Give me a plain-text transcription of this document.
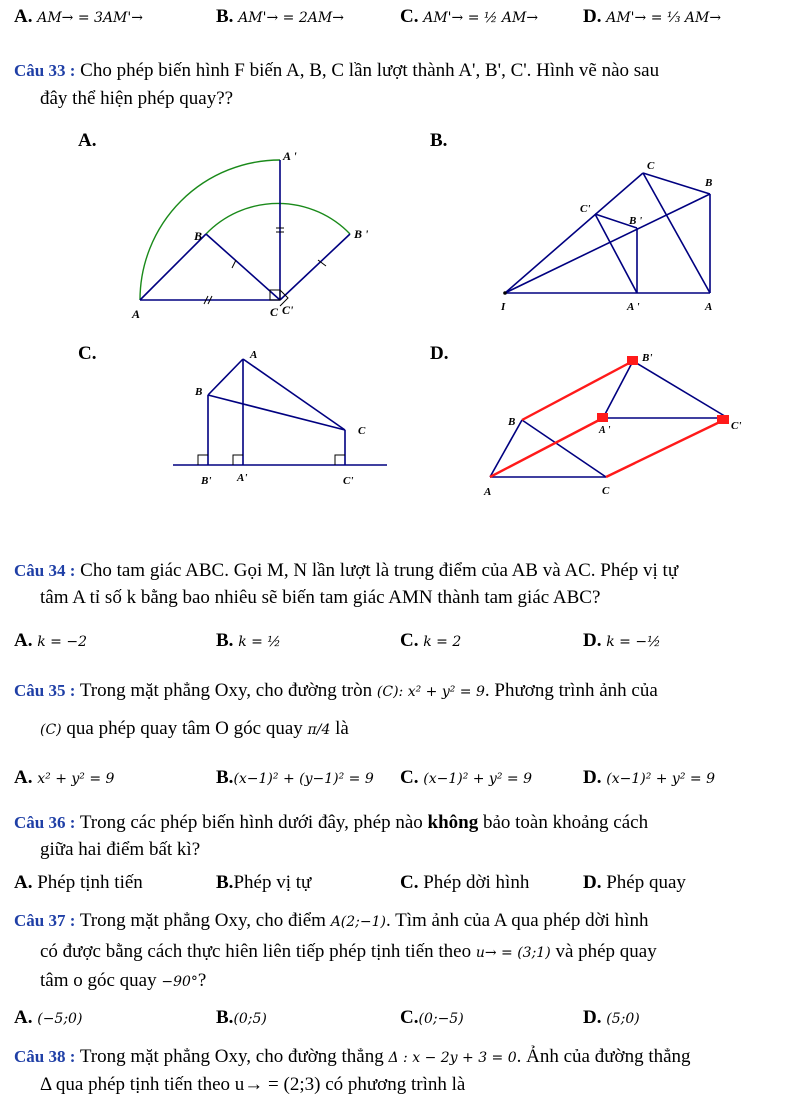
A. AM→ = 3AM'→	B. AM'→ = 2AM→	C. AM'→ = ½ AM→ D. AM'→ = ⅓ AM→
Câu 33 : Cho phép biến hình F biến A, B, C lần lượt thành A', B', C'. Hình vẽ nào sau
đây thể hiện phép quay??
A.	B.
C.	D.
A
B
C
A '
B '
C'	I
C
B
C'
B '
A '	A
A
B
C
B' A'	C'
B'
B
A '	C'
A	C
Câu 34 : Cho tam giác ABC. Gọi M, N lần lượt là trung điểm của AB và AC. Phép vị tự
tâm A tỉ số k bằng bao nhiêu sẽ biến tam giác AMN thành tam giác ABC?
A. k = −2	B. k = ½	C. k = 2	D. k = −½
Câu 35 : Trong mặt phẳng Oxy, cho đường tròn (C): x² + y² = 9. Phương trình ảnh của
(C) qua phép quay tâm O góc quay π/4 là
A. x² + y² = 9	B.(x−1)² + (y−1)² = 9 C. (x−1)² + y² = 9	D. (x−1)² + y² = 9
Câu 36 : Trong các phép biến hình dưới đây, phép nào không bảo toàn khoảng cách
giữa hai điểm bất kì?
A. Phép tịnh tiến	B.Phép vị tự	C. Phép dời hình	D. Phép quay
Câu 37 : Trong mặt phẳng Oxy, cho điểm A(2;−1). Tìm ảnh của A qua phép dời hình
có được bằng cách thực hiên liên tiếp phép tịnh tiến theo u→ = (3;1) và phép quay
tâm o góc quay −90°?
A. (−5;0)	B.(0;5)	C.(0;−5)	D. (5;0)
Câu 38 : Trong mặt phẳng Oxy, cho đường thẳng Δ : x − 2y + 3 = 0. Ảnh của đường thẳng
Δ qua phép tịnh tiến theo u→ = (2;3) có phương trình là
